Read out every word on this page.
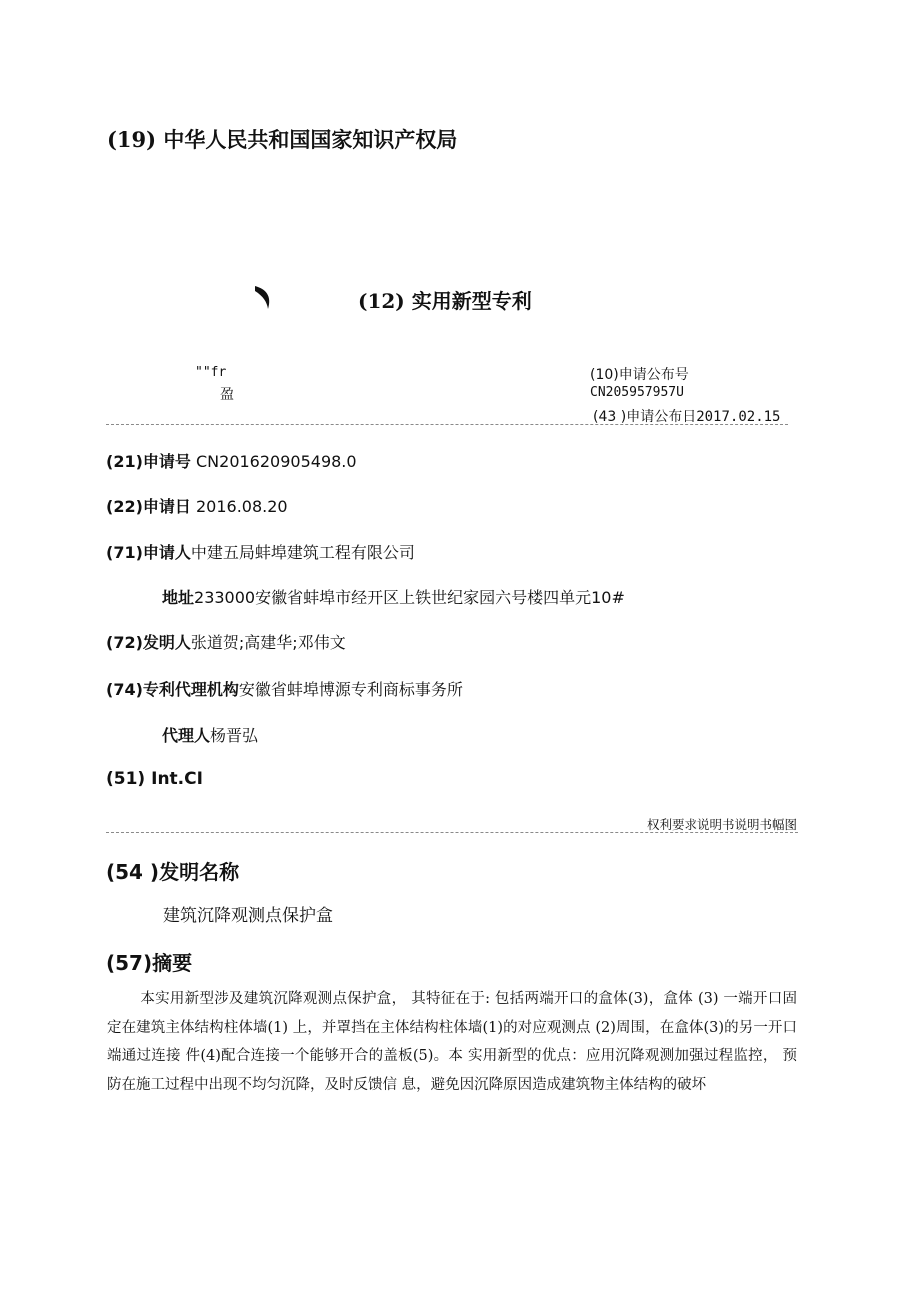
(19) 中华人民共和国国家知识产权局
(12) 实用新型专利
""fr
盈
(10)申请公布号
CN205957957U
(43 )申请公布日2017.02.15
(21)申请号 CN201620905498.0
(22)申请日 2016.08.20
(71)申请人中建五局蚌埠建筑工程有限公司
地址233000安徽省蚌埠市经开区上铁世纪家园六号楼四单元10#
(72)发明人张道贺;高建华;邓伟文
(74)专利代理机构安徽省蚌埠博源专利商标事务所
代理人杨晋弘
(51) Int.CI
权利要求说明书说明书幅图
(54 )发明名称
建筑沉降观测点保护盒
(57)摘要
本实用新型涉及建筑沉降观测点保护盒， 其特征在于: 包括两端开口的盒体(3)，盒体 (3) 一端开口固定在建筑主体结构柱体墙(1) 上，并罩挡在主体结构柱体墙(1)的对应观测点 (2)周围，在盒体(3)的另一开口端通过连接 件(4)配合连接一个能够开合的盖板(5)。本 实用新型的优点：应用沉降观测加强过程监控， 预防在施工过程中出现不均匀沉降，及时反馈信 息，避免因沉降原因造成建筑物主体结构的破坏
